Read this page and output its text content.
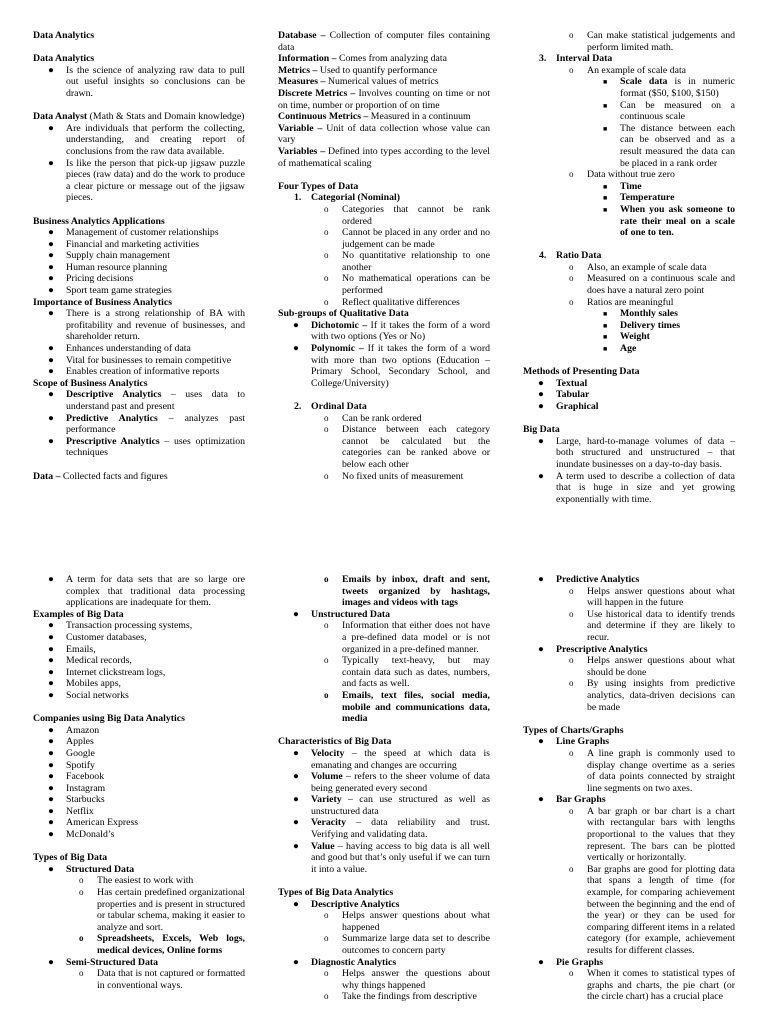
Data Analytics

Data Analytics

● Is the science of analyzing raw data to pull out useful insights so conclusions can be drawn.

Data Analyst (Math & Stats and Domain knowledge)

● Are individuals that perform the collecting, understanding, and creating report of conclusions from the raw data available.
● Is like the person that pick-up jigsaw puzzle pieces (raw data) and do the work to produce a clear picture or message out of the jigsaw pieces.

Business Analytics Applications

● Management of customer relationships
● Financial and marketing activities
● Supply chain management
● Human resource planning
● Pricing decisions
● Sport team game strategies

Importance of Business Analytics

● There is a strong relationship of BA with profitability and revenue of businesses, and shareholder return.
● Enhances understanding of data
● Vital for businesses to remain competitive
● Enables creation of informative reports

Scope of Business Analytics

● Descriptive Analytics – uses data to understand past and present
● Predictive Analytics – analyzes past performance
● Prescriptive Analytics – uses optimization techniques

Data – Collected facts and figures

Database – Collection of computer files containing data

Information – Comes from analyzing data

Metrics – Used to quantify performance

Measures – Numerical values of metrics

Discrete Metrics – Involves counting on time or not on time, number or proportion of on time

Continuous Metrics – Measured in a continuum

Variable – Unit of data collection whose value can vary

Variables – Defined into types according to the level of mathematical scaling

Four Types of Data

1. Categorial (Nominal)
o Categories that cannot be rank ordered
o Cannot be placed in any order and no judgement can be made
o No quantitative relationship to one another
o No mathematical operations can be performed
o Reflect qualitative differences

Sub-groups of Qualitative Data

● Dichotomic – If it takes the form of a word with two options (Yes or No)
● Polynomic – If it takes the form of a word with more than two options (Education – Primary School, Secondary School, and College/University)
2. Ordinal Data
o Can be rank ordered
o Distance between each category cannot be calculated but the categories can be ranked above or below each other
o No fixed units of measurement
o Can make statistical judgements and perform limited math.
3. Interval Data
o An example of scale data
■ Scale data is in numeric format ($50, $100, $150)
■ Can be measured on a continuous scale
■ The distance between each can be observed and as a result measured the data can be placed in a rank order
o Data without true zero
■ Time
■ Temperature
■ When you ask someone to rate their meal on a scale of one to ten.
4. Ratio Data
o Also, an example of scale data
o Measured on a continuous scale and does have a natural zero point
o Ratios are meaningful
■ Monthly sales
■ Delivery times
■ Weight
■ Age

Methods of Presenting Data

● Textual
● Tabular
● Graphical

Big Data

● Large, hard-to-manage volumes of data – both structured and unstructured – that inundate businesses on a day-to-day basis.
● A term used to describe a collection of data that is huge in size and yet growing exponentially with time.
● A term for data sets that are so large ore complex that traditional data processing applications are inadequate for them.

Examples of Big Data

● Transaction processing systems,
● Customer databases,
● Emails,
● Medical records,
● Internet clickstream logs,
● Mobiles apps,
● Social networks

Companies using Big Data Analytics

● Amazon
● Apples
● Google
● Spotify
● Facebook
● Instagram
● Starbucks
● Netflix
● American Express
● McDonald’s

Types of Big Data

● Structured Data
o The easiest to work with
o Has certain predefined organizational properties and is present in structured or tabular schema, making it easier to analyze and sort.
o Spreadsheets, Excels, Web logs, medical devices, Online forms
● Semi-Structured Data
o Data that is not captured or formatted in conventional ways.
o Emails by inbox, draft and sent, tweets organized by hashtags, images and videos with tags
● Unstructured Data
o Information that either does not have a pre-defined data model or is not organized in a pre-defined manner.
o Typically text-heavy, but may contain data such as dates, numbers, and facts as well.
o Emails, text files, social media, mobile and communications data, media

Characteristics of Big Data

● Velocity – the speed at which data is emanating and changes are occurring
● Volume – refers to the sheer volume of data being generated every second
● Variety – can use structured as well as unstructured data
● Veracity – data reliability and trust. Verifying and validating data.
● Value – having access to big data is all well and good but that’s only useful if we can turn it into a value.

Types of Big Data Analytics

● Descriptive Analytics
o Helps answer questions about what happened
o Summarize large data set to describe outcomes to concern party
● Diagnostic Analytics
o Helps answer the questions about why things happened
o Take the findings from descriptive
● Predictive Analytics
o Helps answer questions about what will happen in the future
o Use historical data to identify trends and determine if they are likely to recur.
● Prescriptive Analytics
o Helps answer questions about what should be done
o By using insights from predictive analytics, data-driven decisions can be made

Types of Charts/Graphs

● Line Graphs
o A line graph is commonly used to display change overtime as a series of data points connected by straight line segments on two axes.
● Bar Graphs
o A bar graph or bar chart is a chart with rectangular bars with lengths proportional to the values that they represent. The bars can be plotted vertically or horizontally.
o Bar graphs are good for plotting data that spans a length of time (for example, for comparing achievement between the beginning and the end of the year) or they can be used for comparing different items in a related category (for example, achievement results for different classes.
● Pie Graphs
o When it comes to statistical types of graphs and charts, the pie chart (or the circle chart) has a crucial place
